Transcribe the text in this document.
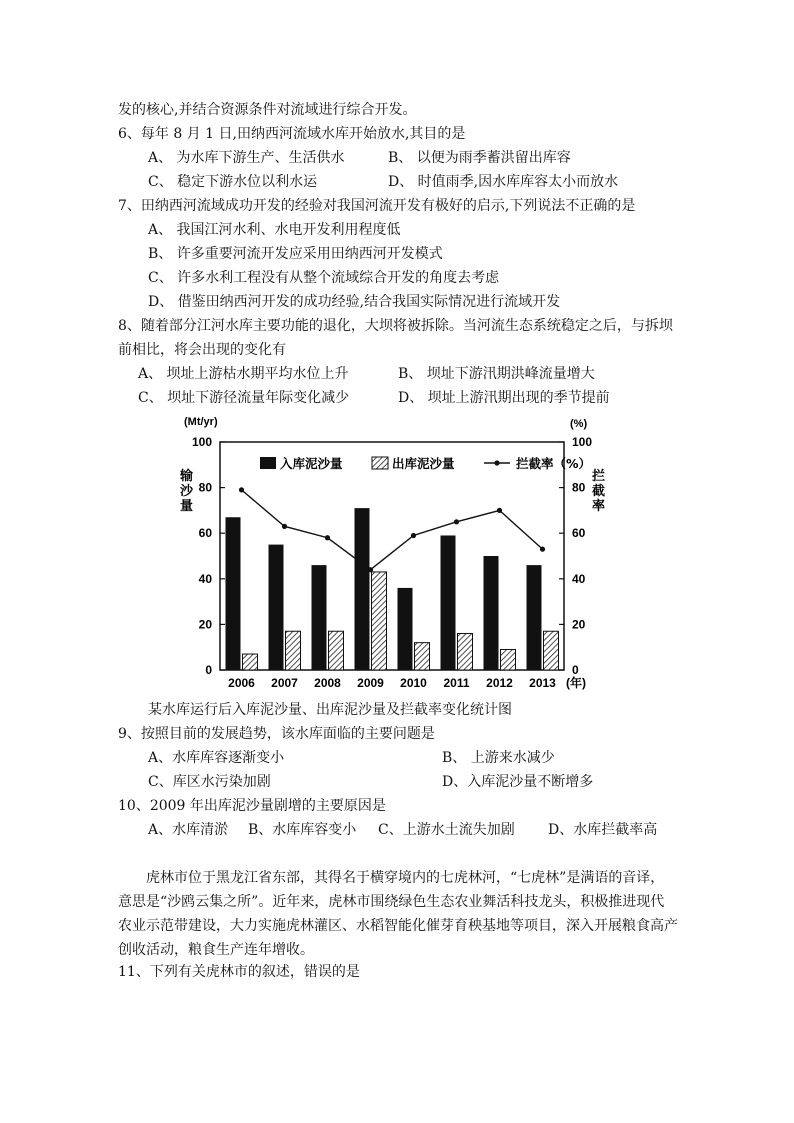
发的核心,并结合资源条件对流域进行综合开发。
6、每年 8 月 1 日,田纳西河流域水库开始放水,其目的是
A、 为水库下游生产、生活供水	B、 以便为雨季蓄洪留出库容
C、 稳定下游水位以利水运	D、 时值雨季,因水库库容太小而放水
7、田纳西河流域成功开发的经验对我国河流开发有极好的启示,下列说法不正确的是
A、 我国江河水利、水电开发利用程度低
B、 许多重要河流开发应采用田纳西河开发模式
C、 许多水利工程没有从整个流域综合开发的角度去考虑
D、 借鉴田纳西河开发的成功经验,结合我国实际情况进行流域开发
8、随着部分江河水库主要功能的退化，大坝将被拆除。当河流生态系统稳定之后，与拆坝
前相比，将会出现的变化有
A、 坝址上游枯水期平均水位上升	B、 坝址下游汛期洪峰流量增大
C、 坝址下游径流量年际变化减少	D、 坝址上游汛期出现的季节提前
0
20
40
60
80
100
0
20
40
60
80
100
(Mt/yr)	(%)
输
沙
量
拦
截
率
2006 2007 2008 2009 2010 2011 2012 2013 (年)
入库泥沙量	出库泥沙量	拦截率（%）
某水库运行后入库泥沙量、出库泥沙量及拦截率变化统计图
9、按照目前的发展趋势，该水库面临的主要问题是
A、水库库容逐渐变小	B、 上游来水减少
C、库区水污染加剧	D、入库泥沙量不断增多
10、2009 年出库泥沙量剧增的主要原因是
A、水库清淤 B、水库库容变小 C、上游水土流失加剧 D、水库拦截率高
虎林市位于黑龙江省东部，其得名于横穿境内的七虎林河，“七虎林”是满语的音译，意思是“沙鸥云集之所”。近年来，虎林市围绕绿色生态农业舞活科技龙头，积极推进现代农业示范带建设，大力实施虎林灌区、水稻智能化催芽育秧基地等项目，深入开展粮食高产创收活动，粮食生产连年增收。
11、下列有关虎林市的叙述，错误的是
